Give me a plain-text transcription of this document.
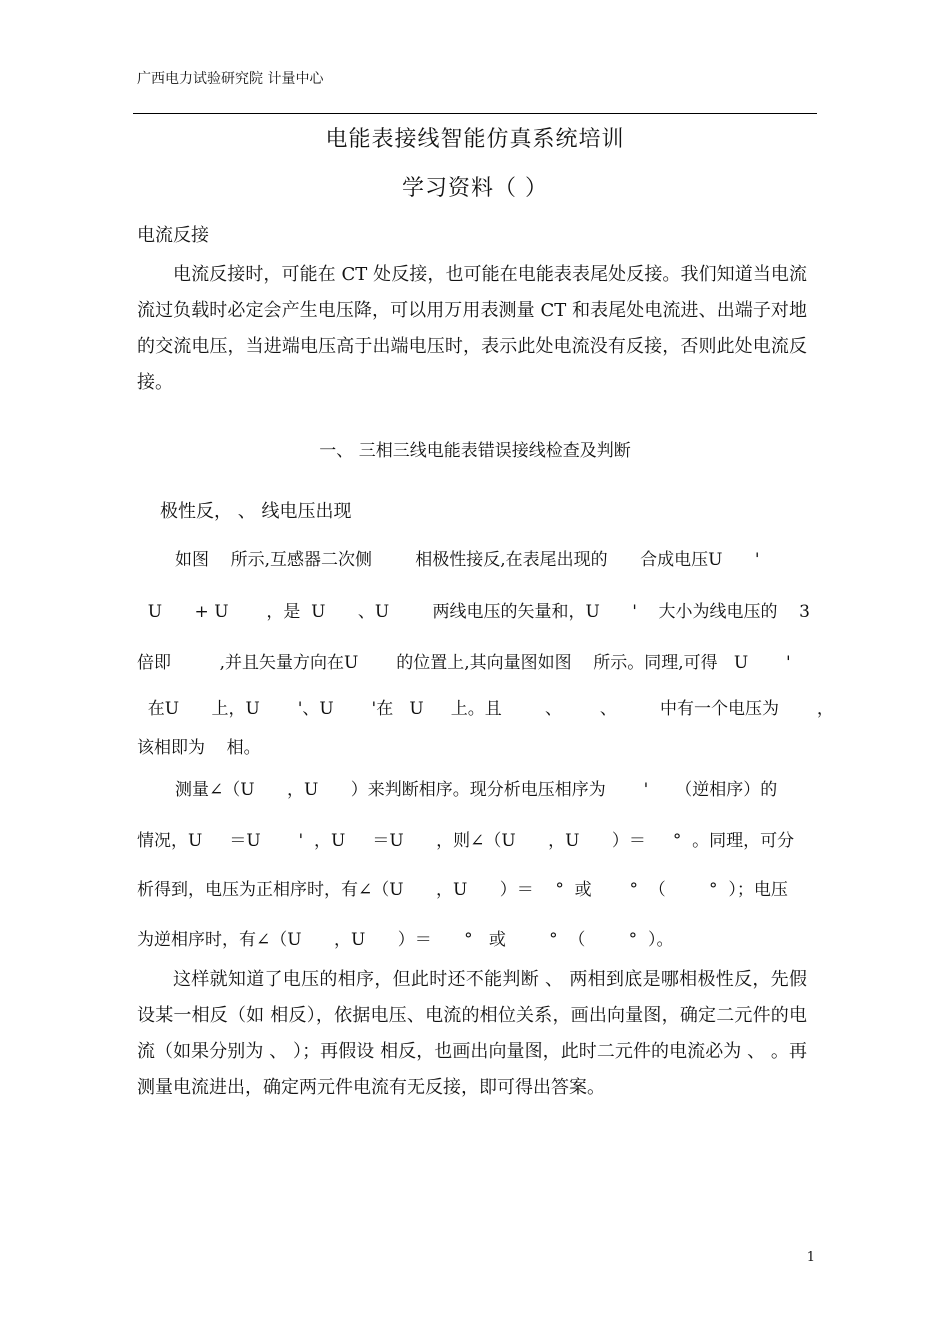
广西电力试验研究院 计量中心
电能表接线智能仿真系统培训
学习资料（ ）
电流反接
电流反接时，可能在 CT 处反接，也可能在电能表表尾处反接。我们知道当电流流过负载时必定会产生电压降，可以用万用表测量 CT 和表尾处电流进、出端子对地的交流电压，当进端电压高于出端电压时，表示此处电流没有反接，否则此处电流反接。
一、 三相三线电能表错误接线检查及判断
极性反， 、 线电压出现
如图    所示,互感器二次侧        相极性接反,在表尾出现的      合成电压U      '
U      + U       ，是  U      、U        两线电压的矢量和，U      '    大小为线电压的    3
倍即         ,并且矢量方向在U       的位置上,其向量图如图    所示。同理,可得   U       '
在U      上，U       '、U       '在   U     上。且        、       、        中有一个电压为       ，
该相即为    相。
测量∠（U      ，U      ）来判断相序。现分析电压相序为       '     （逆相序）的
情况，U     ＝U       '  ，U     ＝U      ，则∠（U      ，U      ）＝     °  。同理，可分
析得到，电压为正相序时，有∠（U      ，U      ）＝    °  或       °  （        °  ）；电压
为逆相序时，有∠（U      ，U      ）＝      °   或        °  （        °  ）。
这样就知道了电压的相序，但此时还不能判断 、 两相到底是哪相极性反，先假设某一相反（如 相反），依据电压、电流的相位关系，画出向量图，确定二元件的电流（如果分别为 、 ）；再假设 相反，也画出向量图，此时二元件的电流必为 、 。再测量电流进出，确定两元件电流有无反接，即可得出答案。
1
